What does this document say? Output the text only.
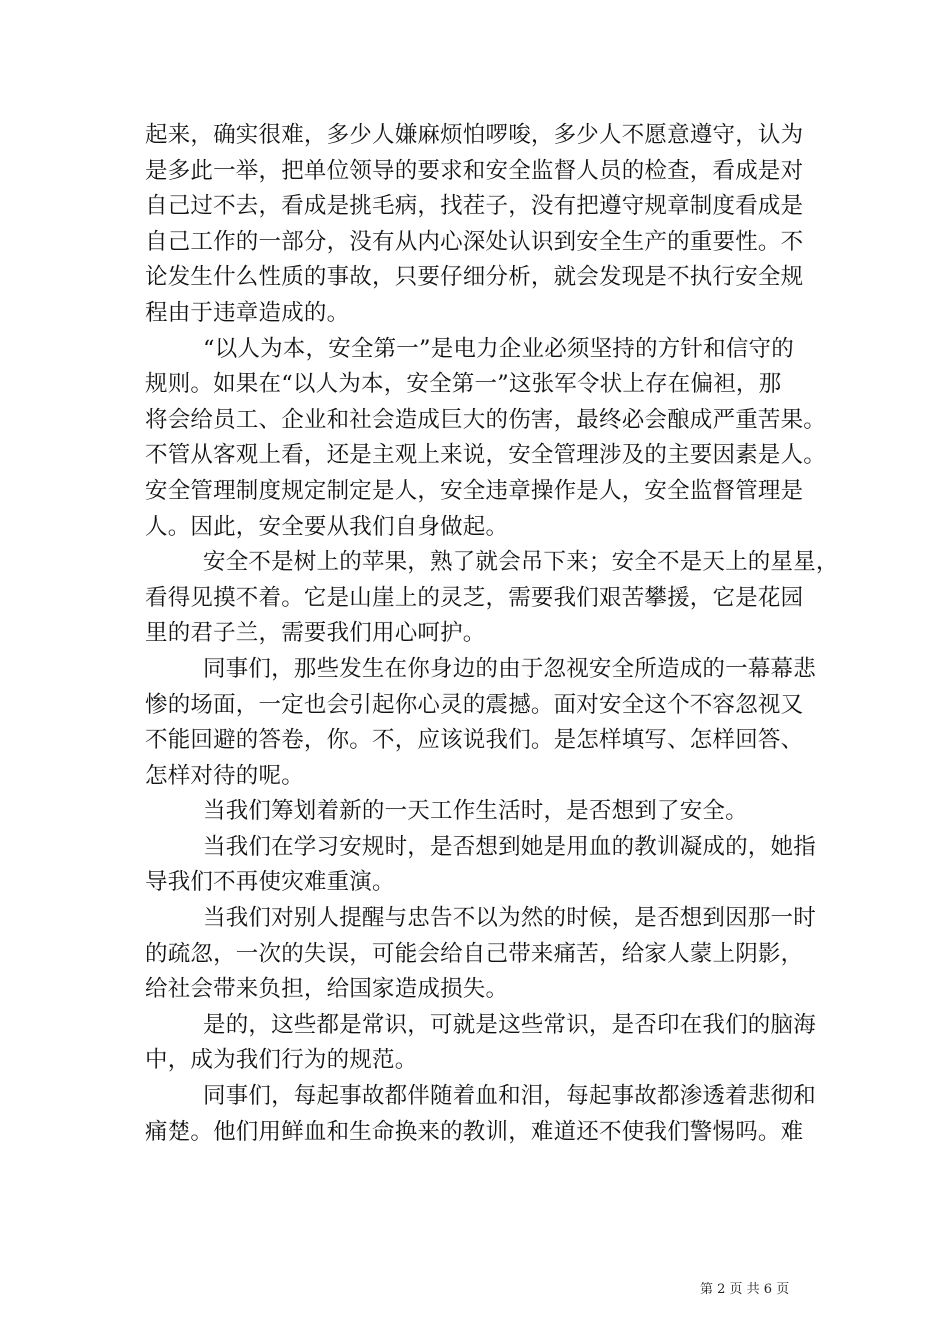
起来，确实很难，多少人嫌麻烦怕啰唆，多少人不愿意遵守，认为
是多此一举，把单位领导的要求和安全监督人员的检查，看成是对
自己过不去，看成是挑毛病，找茬子，没有把遵守规章制度看成是
自己工作的一部分，没有从内心深处认识到安全生产的重要性。不
论发生什么性质的事故，只要仔细分析，就会发现是不执行安全规
程由于违章造成的。
“以人为本，安全第一”是电力企业必须坚持的方针和信守的
规则。如果在“以人为本，安全第一”这张军令状上存在偏袒，那
将会给员工、企业和社会造成巨大的伤害，最终必会酿成严重苦果。
不管从客观上看，还是主观上来说，安全管理涉及的主要因素是人。
安全管理制度规定制定是人，安全违章操作是人，安全监督管理是
人。因此，安全要从我们自身做起。
安全不是树上的苹果，熟了就会吊下来；安全不是天上的星星，
看得见摸不着。它是山崖上的灵芝，需要我们艰苦攀援，它是花园
里的君子兰，需要我们用心呵护。
同事们，那些发生在你身边的由于忽视安全所造成的一幕幕悲
惨的场面，一定也会引起你心灵的震撼。面对安全这个不容忽视又
不能回避的答卷，你。不，应该说我们。是怎样填写、怎样回答、
怎样对待的呢。
当我们筹划着新的一天工作生活时，是否想到了安全。
当我们在学习安规时，是否想到她是用血的教训凝成的，她指
导我们不再使灾难重演。
当我们对别人提醒与忠告不以为然的时候，是否想到因那一时
的疏忽，一次的失误，可能会给自己带来痛苦，给家人蒙上阴影，
给社会带来负担，给国家造成损失。
是的，这些都是常识，可就是这些常识，是否印在我们的脑海
中，成为我们行为的规范。
同事们，每起事故都伴随着血和泪，每起事故都渗透着悲彻和
痛楚。他们用鲜血和生命换来的教训，难道还不使我们警惕吗。难
第 2 页 共 6 页
